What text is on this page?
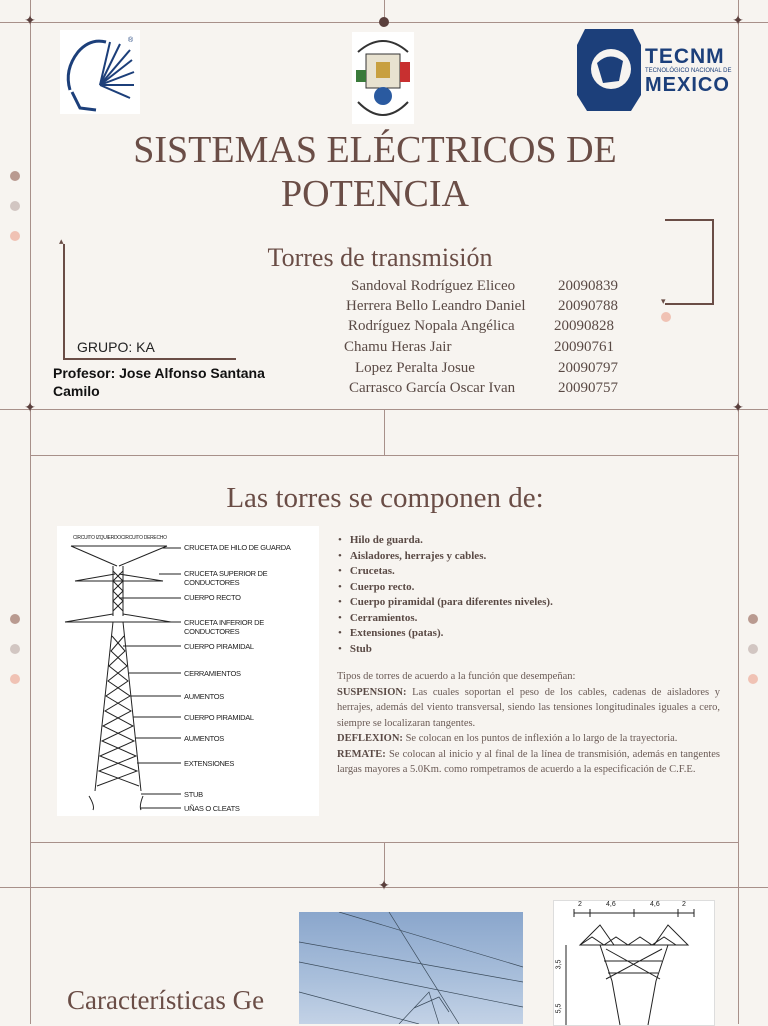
✦	✦
✦	✦
✦
®
TECNM
TECNOLÓGICO NACIONAL DE
MEXICO
SISTEMAS ELÉCTRICOS DE
POTENCIA
Torres de transmisión
▾
▴
GRUPO: KA
Profesor: Jose Alfonso Santana Camilo
Sandoval Rodríguez Eliceo	20090839
Herrera Bello Leandro Daniel 20090788
Rodríguez Nopala Angélica	20090828
Chamu Heras Jair	20090761
Lopez Peralta Josue	20090797
Carrasco García Oscar Ivan	20090757
Las torres se componen de:
CIRCUITO IZQUIERDO CIRCUITO DERECHO
CRUCETA DE HILO DE GUARDA
CRUCETA SUPERIOR DE CONDUCTORES
CUERPO RECTO
CRUCETA INFERIOR DE CONDUCTORES
CUERPO PIRAMIDAL
CERRAMIENTOS
AUMENTOS
CUERPO PIRAMIDAL
AUMENTOS
EXTENSIONES
STUB
UÑAS O CLEATS
• Hilo de guarda.
• Aisladores, herrajes y cables.
• Crucetas.
• Cuerpo recto.
• Cuerpo piramidal (para diferentes niveles).
• Cerramientos.
• Extensiones (patas).
• Stub
Tipos de torres de acuerdo a la función que desempeñan:
SUSPENSION: Las cuales soportan el peso de los cables, cadenas de aisladores y herrajes, además del viento transversal, siendo las tensiones longitudinales iguales a cero, siempre se localizaran tangentes.
DEFLEXION: Se colocan en los puntos de inflexión a lo largo de la trayectoria.
REMATE: Se colocan al inicio y al final de la línea de transmisión, además en tangentes largas mayores a 5.0Km. como rompetramos de acuerdo a la especificación de C.F.E.
Características Ge
2	4,6	4,6	2
3,5
5,5
